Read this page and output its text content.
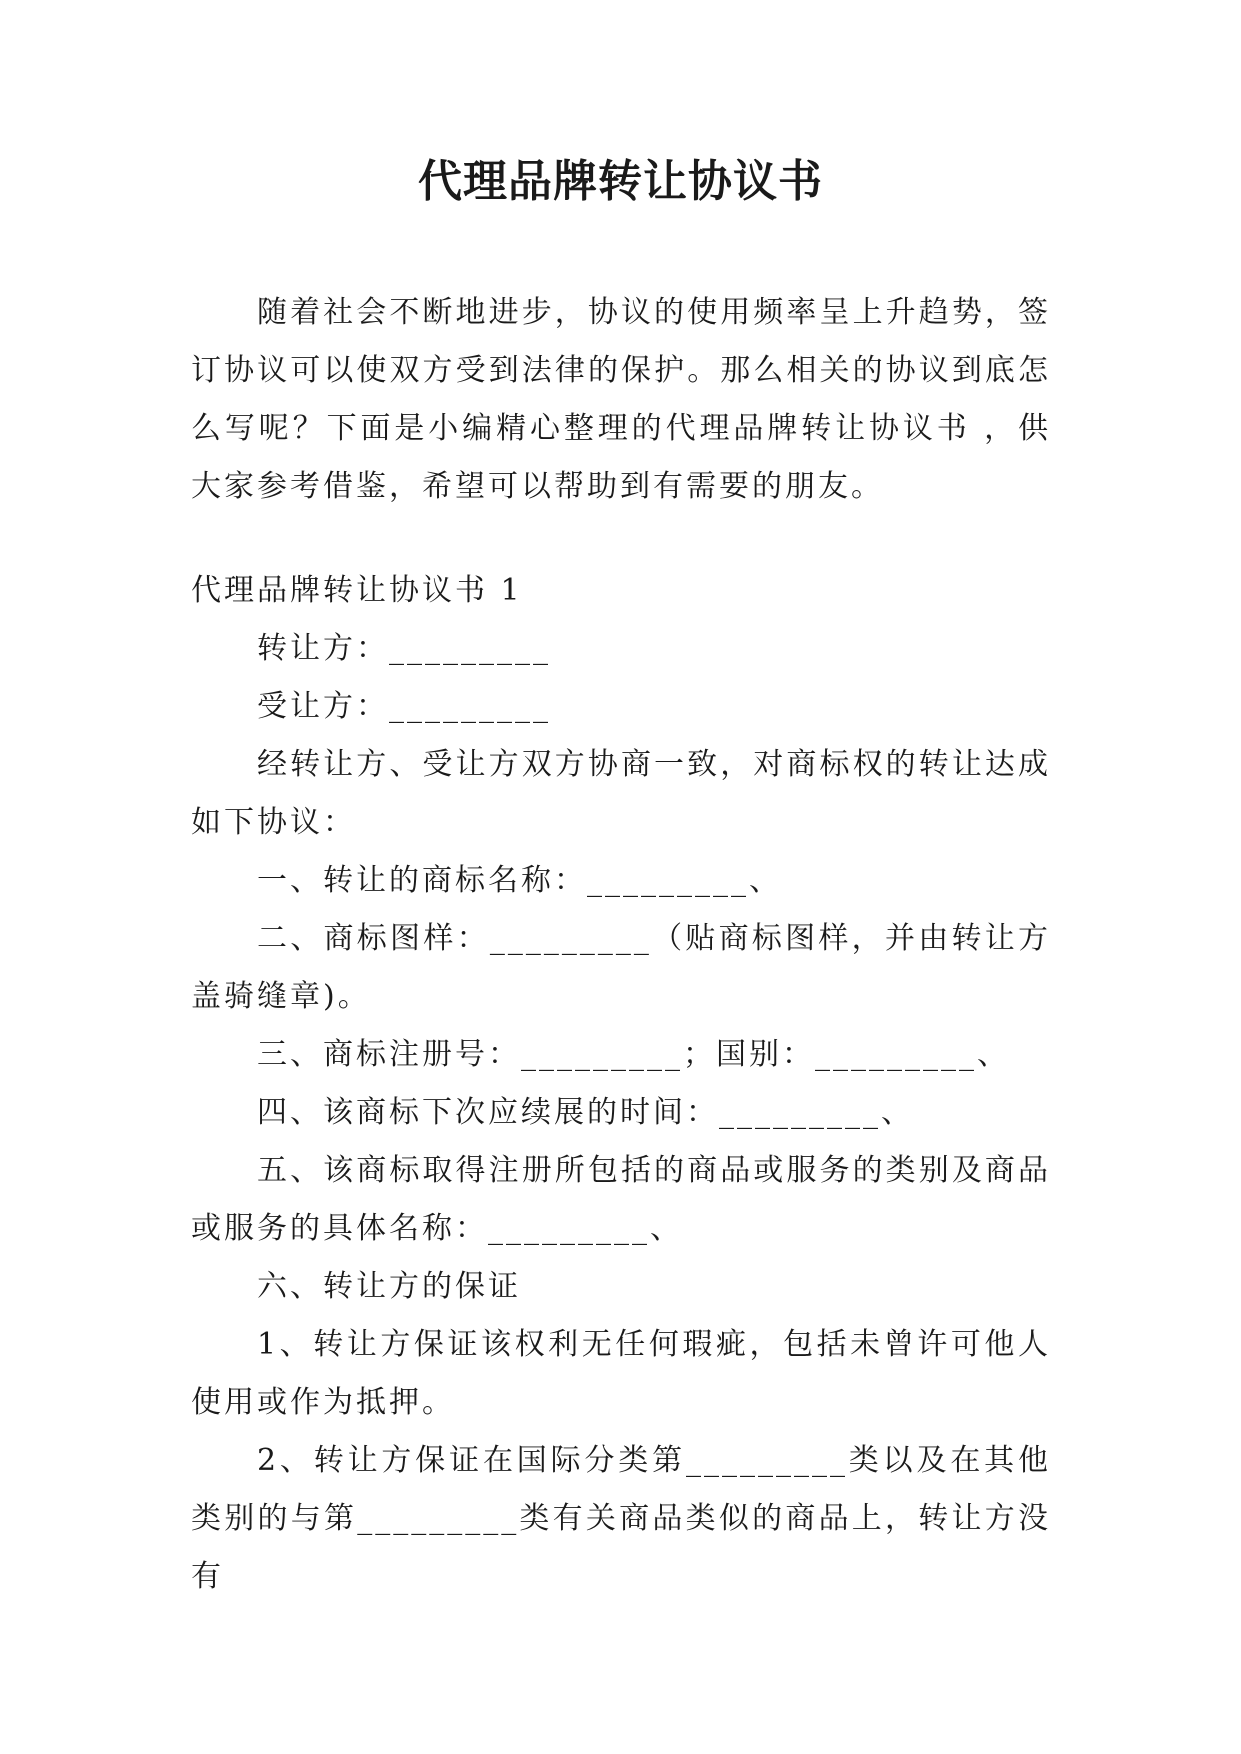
代理品牌转让协议书

随着社会不断地进步，协议的使用频率呈上升趋势，签订协议可以使双方受到法律的保护。那么相关的协议到底怎么写呢？下面是小编精心整理的代理品牌转让协议书 ，供大家参考借鉴，希望可以帮助到有需要的朋友。

代理品牌转让协议书 1

转让方：_________

受让方：_________

经转让方、受让方双方协商一致，对商标权的转让达成如下协议：

一、转让的商标名称：_________、

二、商标图样：_________（贴商标图样，并由转让方盖骑缝章)。

三、商标注册号：_________；国别：_________、

四、该商标下次应续展的时间：_________、

五、该商标取得注册所包括的商品或服务的类别及商品或服务的具体名称：_________、

六、转让方的保证

1、转让方保证该权利无任何瑕疵，包括未曾许可他人使用或作为抵押。

2、转让方保证在国际分类第_________类以及在其他类别的与第_________类有关商品类似的商品上，转让方没有
